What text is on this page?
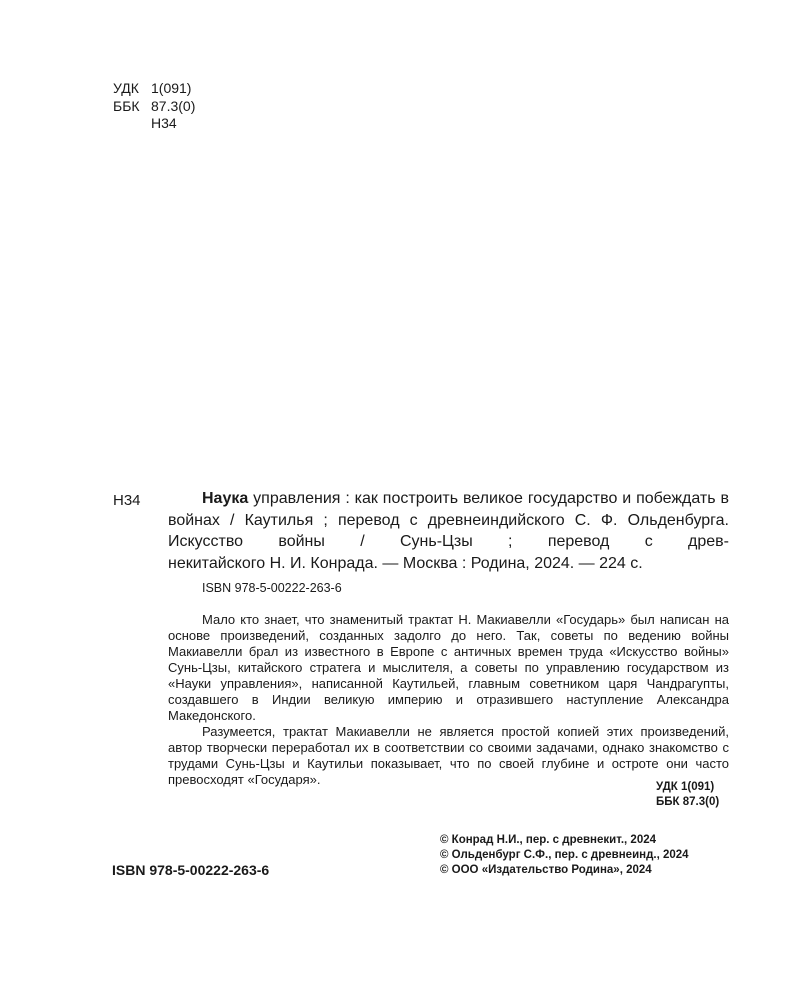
УДК 1(091)
ББК 87.3(0)
Н34
Н34	Наука управления : как построить великое государство и побеждать в войнах / Каутилья ; перевод с древнеиндийского С. Ф. Ольденбурга. Искусство войны / Сунь-Цзы ; перевод с древ-
некитайского Н. И. Конрада. — Москва : Родина, 2024. — 224 с.
ISBN 978-5-00222-263-6

Мало кто знает, что знаменитый трактат Н. Макиавелли «Государь» был написан на основе произведений, созданных задолго до него. Так, советы по ведению войны Макиавелли брал из известного в Европе с античных времен труда «Искусство войны» Сунь-Цзы, китайского стратега и мыслителя, а советы по управлению государством из «Науки управления», написанной Каутильей, главным советником царя Чандрагупты, создавшего в Индии великую империю и отразившего наступление Александра Македонского.

Разумеется, трактат Макиавелли не является простой копией этих произведений, автор творчески переработал их в соответствии со своими задачами, однако знакомство с трудами Сунь-Цзы и Каутильи показывает, что по своей глубине и остроте они часто превосходят «Государя».	УДК 1(091)
ББК 87.3(0)
ISBN 978-5-00222-263-6
© Конрад Н.И., пер. с древнекит., 2024
© Ольденбург С.Ф., пер. с древнеинд., 2024
© ООО «Издательство Родина», 2024
